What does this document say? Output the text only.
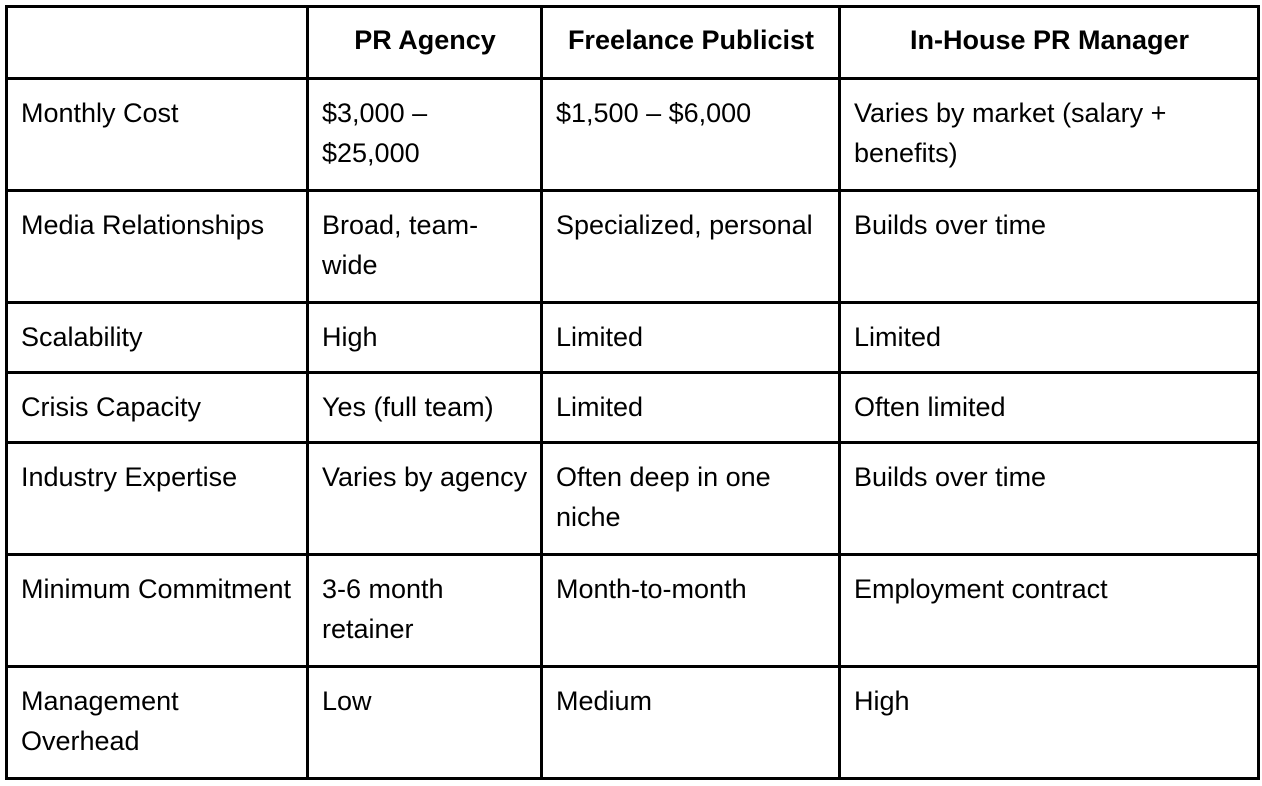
	PR Agency	Freelance Publicist	In-House PR Manager
Monthly Cost	$3,000 – $25,000	$1,500 – $6,000	Varies by market (salary + benefits)
Media Relationships	Broad, team-wide	Specialized, personal	Builds over time
Scalability	High	Limited	Limited
Crisis Capacity	Yes (full team)	Limited	Often limited
Industry Expertise	Varies by agency	Often deep in one niche	Builds over time
Minimum Commitment	3-6 month retainer	Month-to-month	Employment contract
Management Overhead	Low	Medium	High
